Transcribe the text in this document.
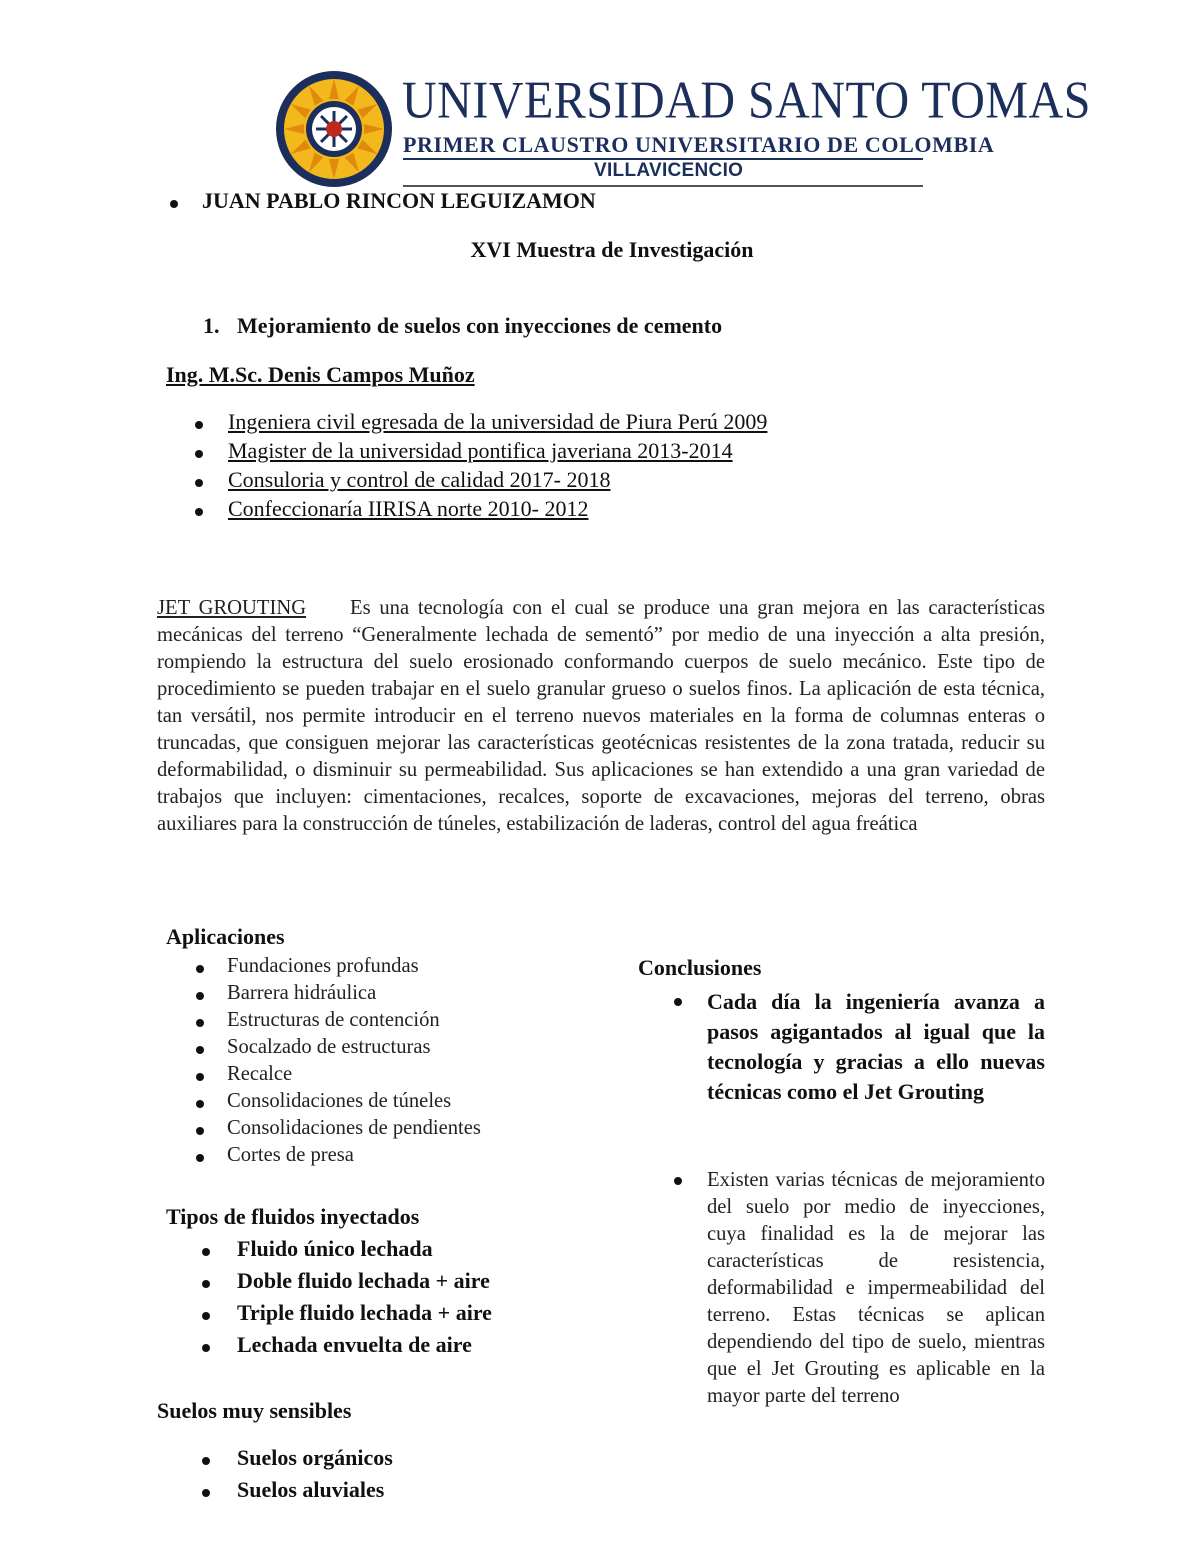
UNIVERSIDAD SANTO TOMAS
PRIMER CLAUSTRO UNIVERSITARIO DE COLOMBIA
VILLAVICENCIO
JUAN PABLO RINCON LEGUIZAMON
XVI Muestra de Investigación
1. Mejoramiento de suelos con inyecciones de cemento
Ing. M.Sc. Denis Campos Muñoz
Ingeniera civil egresada de la universidad de Piura Perú 2009
Magister de la universidad pontifica javeriana 2013-2014
Consuloria y control de calidad 2017- 2018
Confeccionaría IIRISA norte 2010- 2012
JET GROUTING Es una tecnología con el cual se produce una gran mejora en las características mecánicas del terreno “Generalmente lechada de sementó” por medio de una inyección a alta presión, rompiendo la estructura del suelo erosionado conformando cuerpos de suelo mecánico. Este tipo de procedimiento se pueden trabajar en el suelo granular grueso o suelos finos. La aplicación de esta técnica, tan versátil, nos permite introducir en el terreno nuevos materiales en la forma de columnas enteras o truncadas, que consiguen mejorar las características geotécnicas resistentes de la zona tratada, reducir su deformabilidad, o disminuir su permeabilidad. Sus aplicaciones se han extendido a una gran variedad de trabajos que incluyen: cimentaciones, recalces, soporte de excavaciones, mejoras del terreno, obras auxiliares para la construcción de túneles, estabilización de laderas, control del agua freática
Aplicaciones
Fundaciones profundas
Barrera hidráulica
Estructuras de contención
Socalzado de estructuras
Recalce
Consolidaciones de túneles
Consolidaciones de pendientes
Cortes de presa
Tipos de fluidos inyectados
Fluido único lechada
Doble fluido lechada + aire
Triple fluido lechada + aire
Lechada envuelta de aire
Suelos muy sensibles
Suelos orgánicos
Suelos aluviales
Conclusiones
Cada día la ingeniería avanza a pasos agigantados al igual que la tecnología y gracias a ello nuevas técnicas como el Jet Grouting
Existen varias técnicas de mejoramiento del suelo por medio de inyecciones, cuya finalidad es la de mejorar las características de resistencia, deformabilidad e impermeabilidad del terreno. Estas técnicas se aplican dependiendo del tipo de suelo, mientras que el Jet Grouting es aplicable en la mayor parte del terreno
